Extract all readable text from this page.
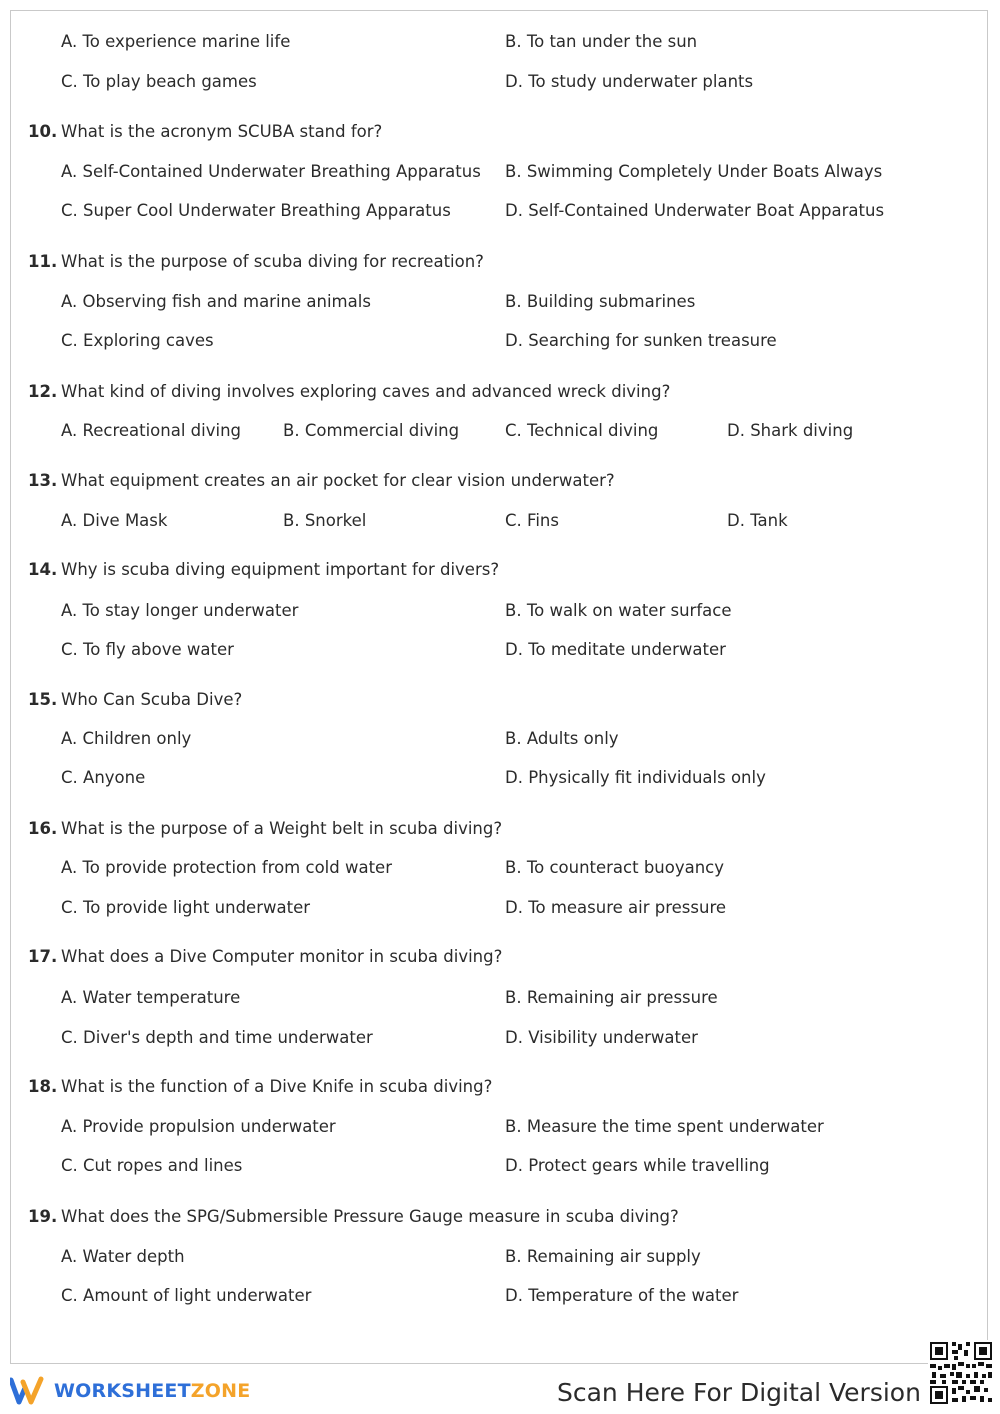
A. To experience marine life	B. To tan under the sun
C. To play beach games	D. To study underwater plants
10. What is the acronym SCUBA stand for?
A. Self-Contained Underwater Breathing Apparatus B. Swimming Completely Under Boats Always
C. Super Cool Underwater Breathing Apparatus	D. Self-Contained Underwater Boat Apparatus
11. What is the purpose of scuba diving for recreation?
A. Observing fish and marine animals	B. Building submarines
C. Exploring caves	D. Searching for sunken treasure
12. What kind of diving involves exploring caves and advanced wreck diving?
A. Recreational diving	B. Commercial diving	C. Technical diving	D. Shark diving
13. What equipment creates an air pocket for clear vision underwater?
A. Dive Mask	B. Snorkel	C. Fins	D. Tank
14. Why is scuba diving equipment important for divers?
A. To stay longer underwater	B. To walk on water surface
C. To fly above water	D. To meditate underwater
15. Who Can Scuba Dive?
A. Children only	B. Adults only
C. Anyone	D. Physically fit individuals only
16. What is the purpose of a Weight belt in scuba diving?
A. To provide protection from cold water	B. To counteract buoyancy
C. To provide light underwater	D. To measure air pressure
17. What does a Dive Computer monitor in scuba diving?
A. Water temperature	B. Remaining air pressure
C. Diver's depth and time underwater	D. Visibility underwater
18. What is the function of a Dive Knife in scuba diving?
A. Provide propulsion underwater	B. Measure the time spent underwater
C. Cut ropes and lines	D. Protect gears while travelling
19. What does the SPG/Submersible Pressure Gauge measure in scuba diving?
A. Water depth	B. Remaining air supply
C. Amount of light underwater	D. Temperature of the water
WORKSHEETZONE	Scan Here For Digital Version
